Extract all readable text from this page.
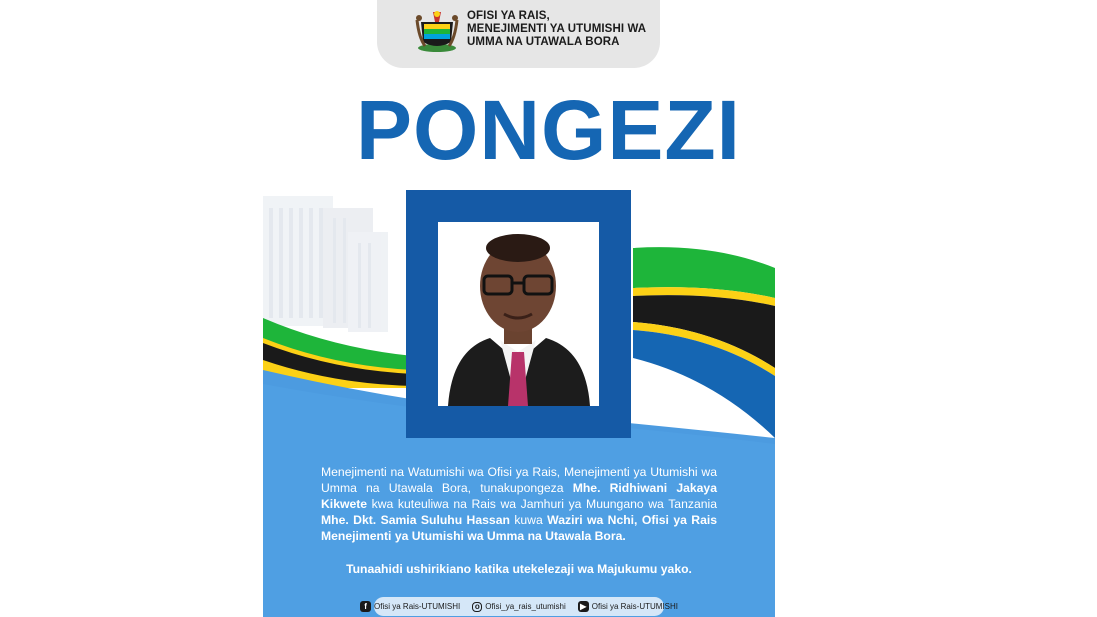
OFISI YA RAIS,
MENEJIMENTI YA UTUMISHI WA
UMMA NA UTAWALA BORA
PONGEZI
Menejimenti na Watumishi wa Ofisi ya Rais, Menejimenti ya Utumishi wa Umma na Utawala Bora, tunakupongeza Mhe. Ridhiwani Jakaya Kikwete kwa kuteuliwa na Rais wa Jamhuri ya Muungano wa Tanzania Mhe. Dkt. Samia Suluhu Hassan kuwa Waziri wa Nchi, Ofisi ya Rais Menejimenti ya Utumishi wa Umma na Utawala Bora.
Tunaahidi ushirikiano katika utekelezaji wa Majukumu yako.
f Ofisi ya Rais-UTUMISHI	o Ofisi_ya_rais_utumishi	▶ Ofisi ya Rais-UTUMISHI
